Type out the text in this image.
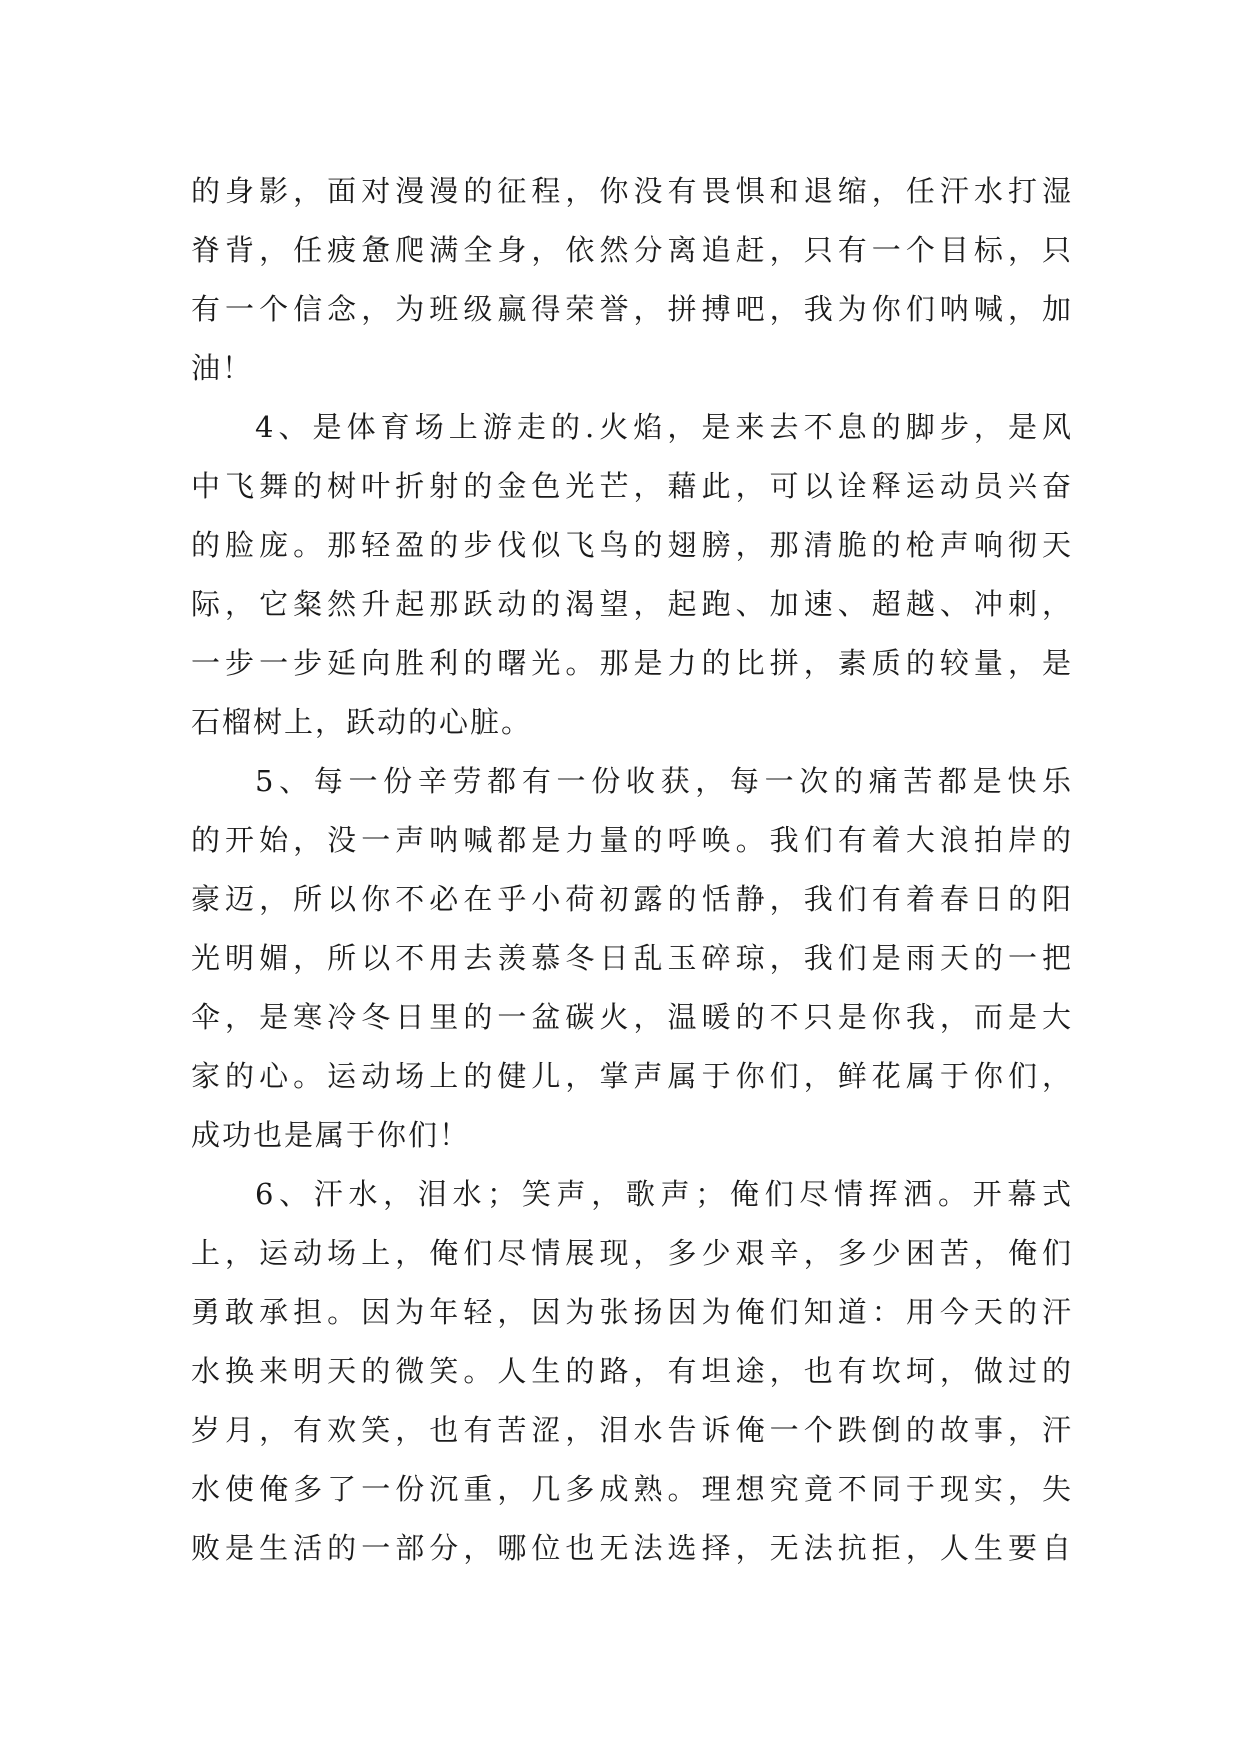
的身影，面对漫漫的征程，你没有畏惧和退缩，任汗水打湿
脊背，任疲惫爬满全身，依然分离追赶，只有一个目标，只
有一个信念，为班级赢得荣誉，拼搏吧，我为你们呐喊，加
油！
4、是体育场上游走的.火焰，是来去不息的脚步，是风
中飞舞的树叶折射的金色光芒，藉此，可以诠释运动员兴奋
的脸庞。那轻盈的步伐似飞鸟的翅膀，那清脆的枪声响彻天
际，它粲然升起那跃动的渴望，起跑、加速、超越、冲刺，
一步一步延向胜利的曙光。那是力的比拼，素质的较量，是
石榴树上，跃动的心脏。
5、每一份辛劳都有一份收获，每一次的痛苦都是快乐
的开始，没一声呐喊都是力量的呼唤。我们有着大浪拍岸的
豪迈，所以你不必在乎小荷初露的恬静，我们有着春日的阳
光明媚，所以不用去羡慕冬日乱玉碎琼，我们是雨天的一把
伞，是寒冷冬日里的一盆碳火，温暖的不只是你我，而是大
家的心。运动场上的健儿，掌声属于你们，鲜花属于你们，
成功也是属于你们！
6、汗水，泪水；笑声，歌声；俺们尽情挥洒。开幕式
上，运动场上，俺们尽情展现，多少艰辛，多少困苦，俺们
勇敢承担。因为年轻，因为张扬因为俺们知道：用今天的汗
水换来明天的微笑。人生的路，有坦途，也有坎坷，做过的
岁月，有欢笑，也有苦涩，泪水告诉俺一个跌倒的故事，汗
水使俺多了一份沉重，几多成熟。理想究竟不同于现实，失
败是生活的一部分，哪位也无法选择，无法抗拒，人生要自
